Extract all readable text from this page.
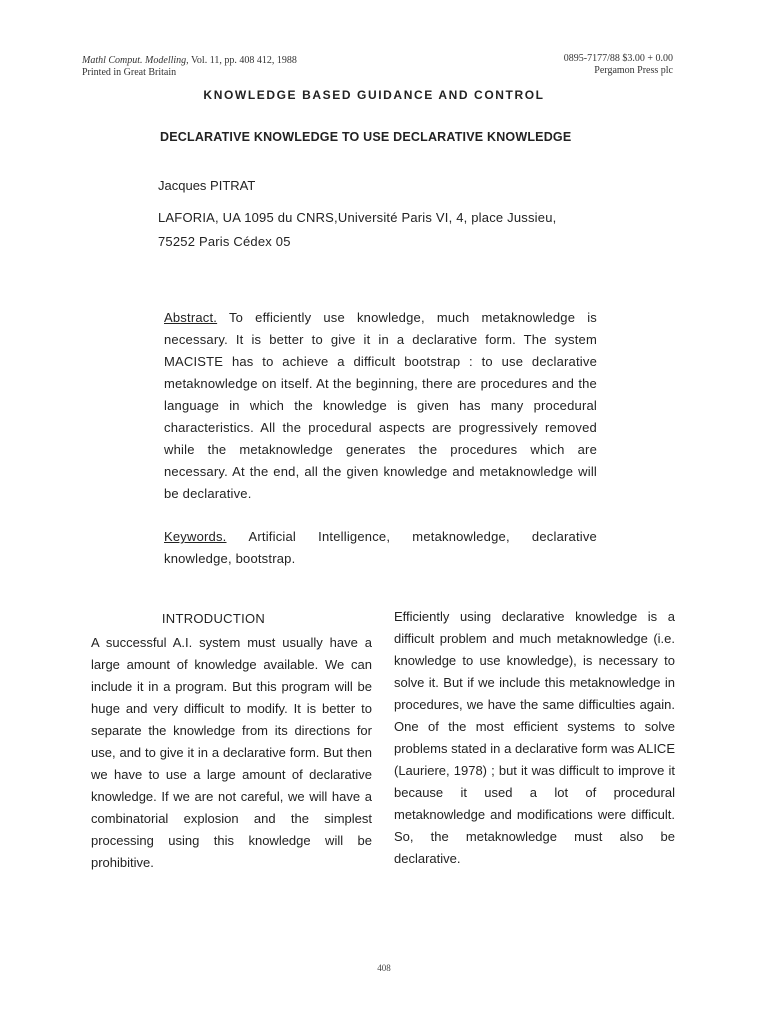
Mathl Comput. Modelling, Vol. 11, pp. 408 412, 1988
Printed in Great Britain
0895-7177/88 $3.00 + 0.00
Pergamon Press plc
KNOWLEDGE BASED GUIDANCE AND CONTROL
DECLARATIVE KNOWLEDGE TO USE DECLARATIVE KNOWLEDGE
Jacques PITRAT
LAFORIA, UA 1095 du CNRS,Université Paris VI, 4, place Jussieu,
75252 Paris Cédex 05
Abstract. To efficiently use knowledge, much metaknowledge is necessary. It is better to give it in a declarative form. The system MACISTE has to achieve a difficult bootstrap : to use declarative metaknowledge on itself. At the beginning, there are procedures and the language in which the knowledge is given has many procedural characteristics. All the procedural aspects are progressively removed while the metaknowledge generates the procedures which are necessary. At the end, all the given knowledge and metaknowledge will be declarative.
Keywords. Artificial Intelligence, metaknowledge, declarative knowledge, bootstrap.
INTRODUCTION

A successful A.I. system must usually have a large amount of knowledge available. We can include it in a program. But this program will be huge and very difficult to modify. It is better to separate the knowledge from its directions for use, and to give it in a declarative form. But then we have to use a large amount of declarative knowledge. If we are not careful, we will have a combinatorial explosion and the simplest processing using this knowledge will be prohibitive.

Efficiently using declarative knowledge is a difficult problem and much metaknowledge (i.e. knowledge to use knowledge), is necessary to solve it. But if we include this metaknowledge in procedures, we have the same difficulties again. One of the most efficient systems to solve problems stated in a declarative form was ALICE (Lauriere, 1978) ; but it was difficult to improve it because it used a lot of procedural metaknowledge and modifications were difficult. So, the metaknowledge must also be declarative.

408
